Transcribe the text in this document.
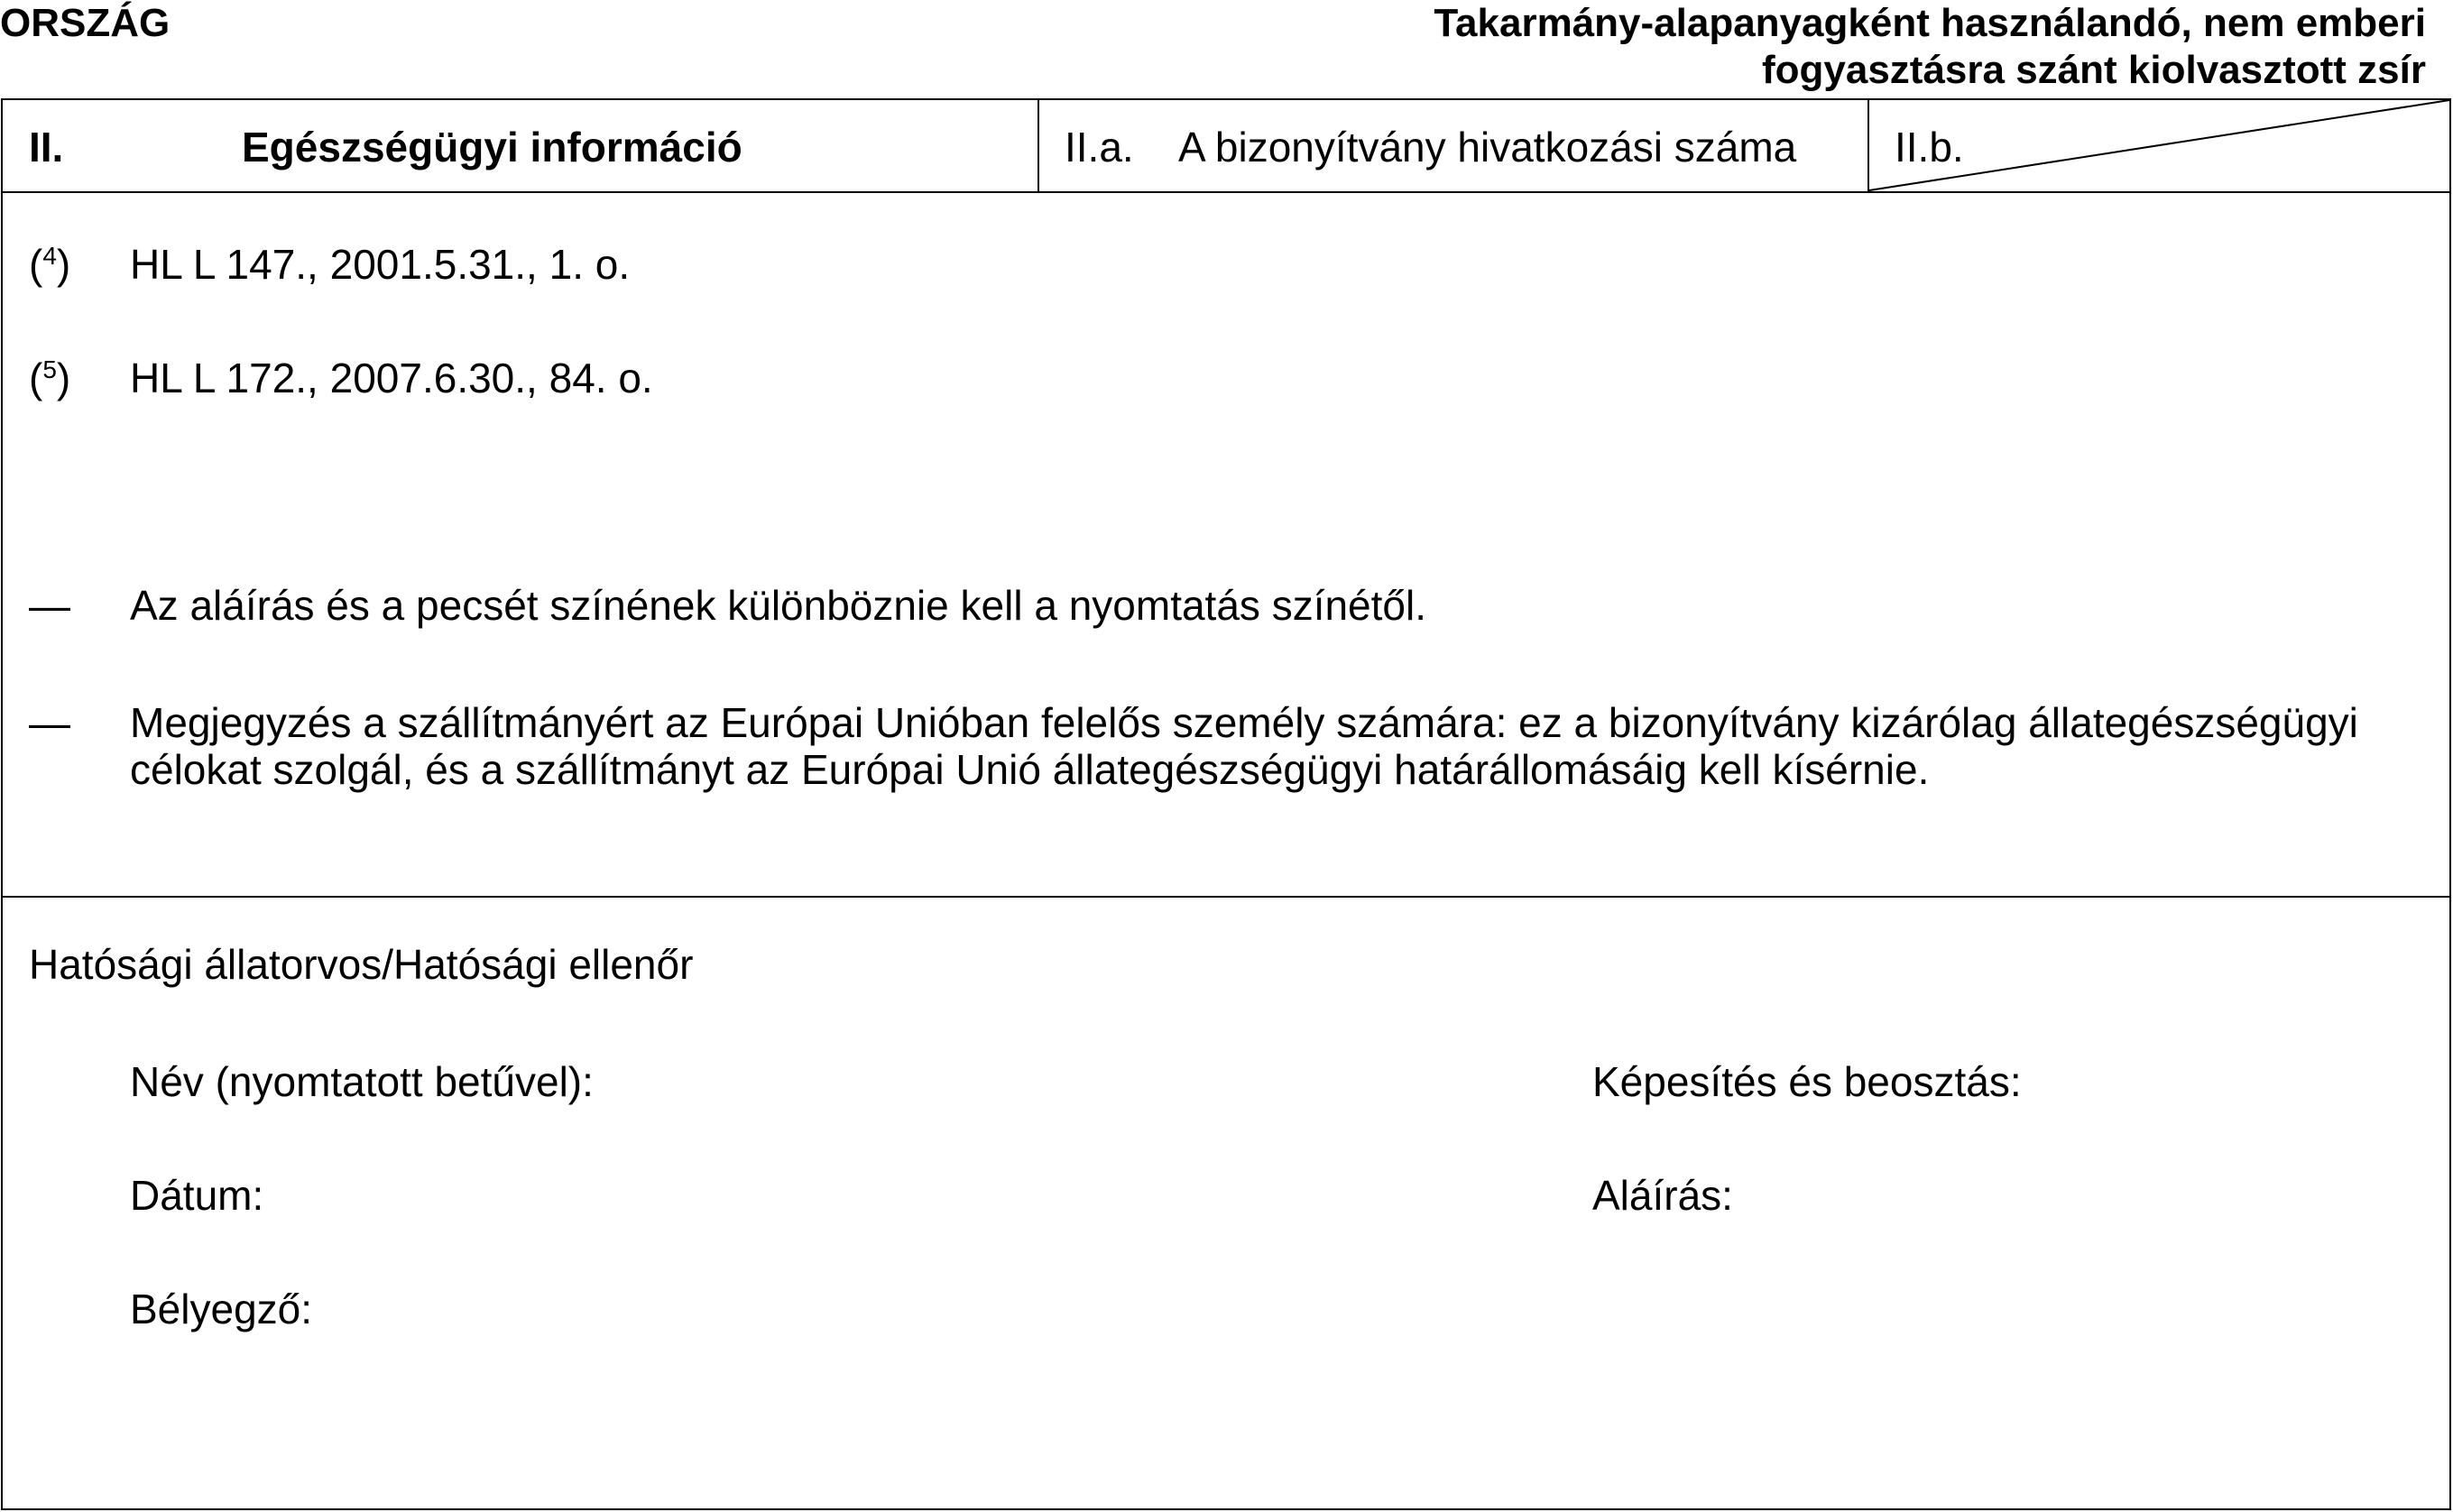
ORSZÁG	Takarmány-alapanyagként használandó, nem emberi
fogyasztásra szánt kiolvasztott zsír
II.	Egészségügyi információ	II.a. A bizonyítvány hivatkozási száma II.b.
($^4$) HL L 147., 2001.5.31., 1. o.
($^5$) HL L 172., 2007.6.30., 84. o.
— Az aláírás és a pecsét színének különböznie kell a nyomtatás színétől.
— Megjegyzés a szállítmányért az Európai Unióban felelős személy számára: ez a bizonyítvány kizárólag állategészségügyi
célokat szolgál, és a szállítmányt az Európai Unió állategészségügyi határállomásáig kell kísérnie.
Hatósági állatorvos/Hatósági ellenőr
Név (nyomtatott betűvel):	Képesítés és beosztás:
Dátum:	Aláírás:
Bélyegző:
